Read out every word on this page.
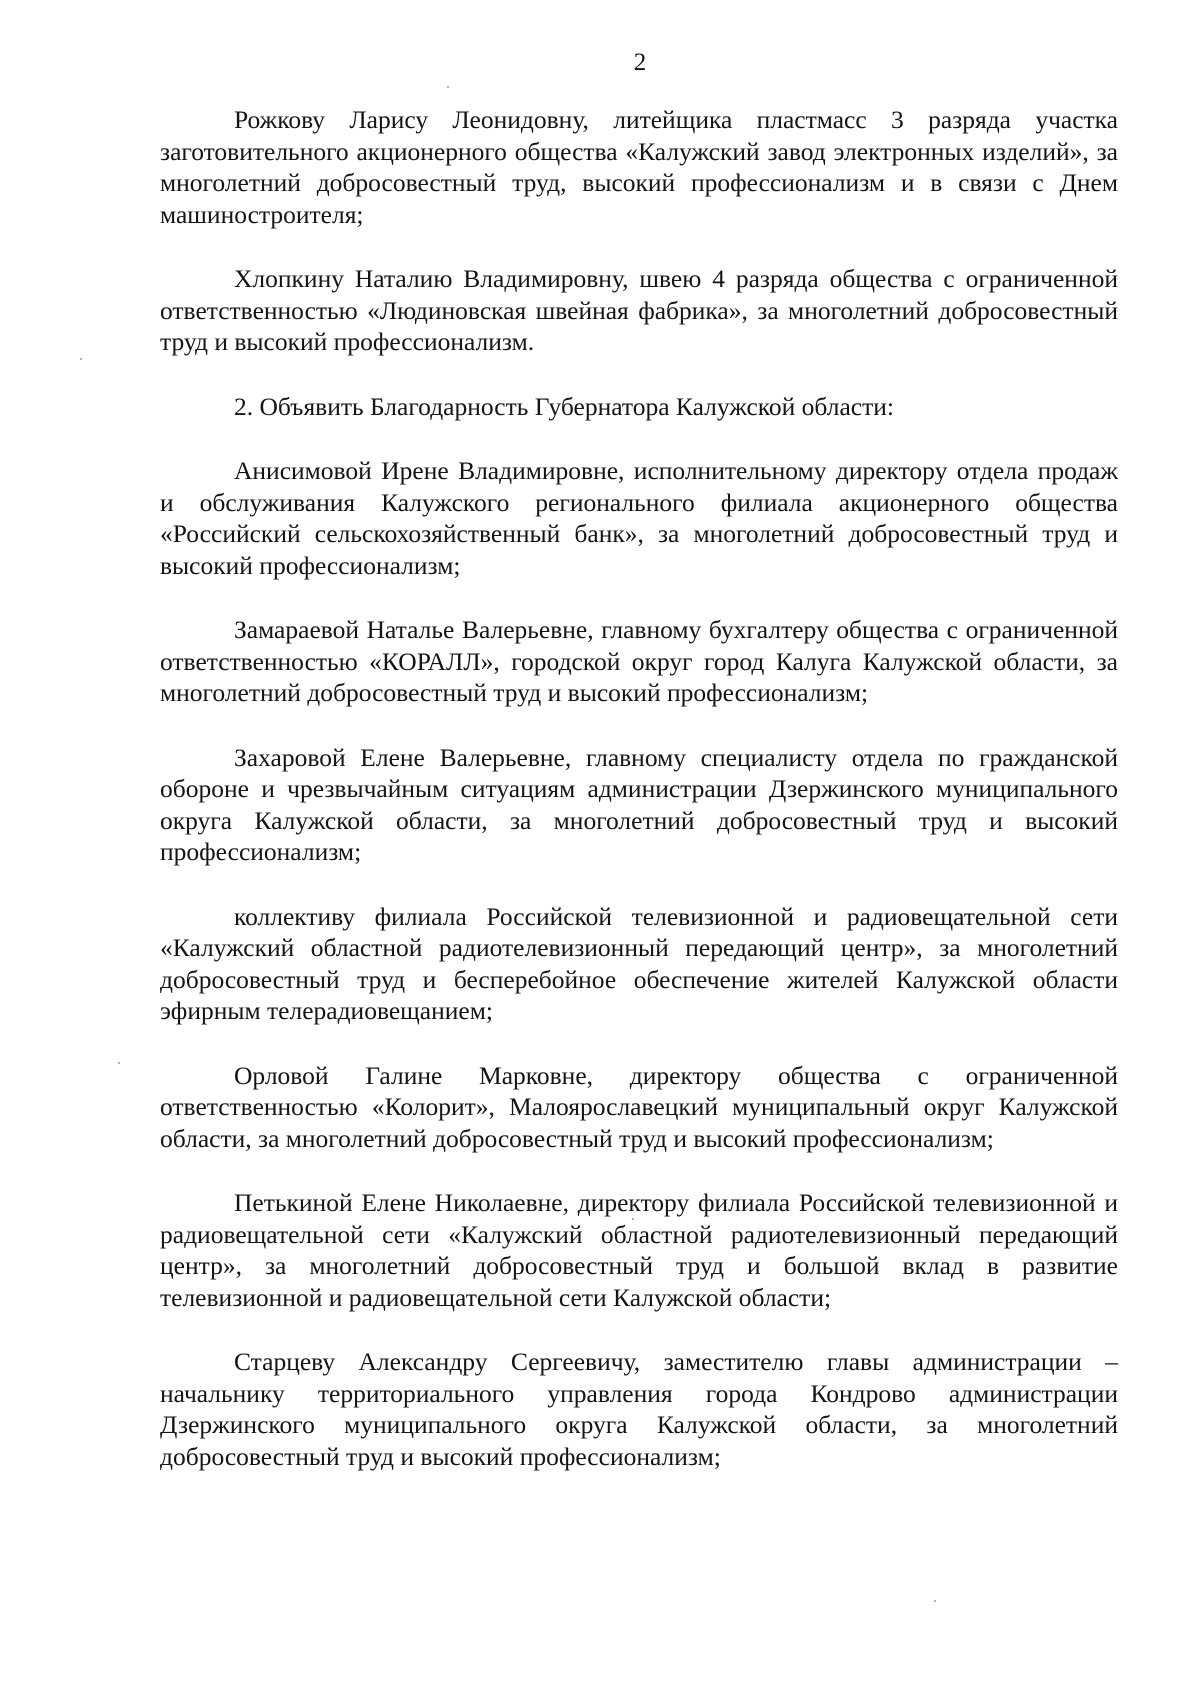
2

Рожкову Ларису Леонидовну, литейщика пластмасс 3 разряда участка заготовительного акционерного общества «Калужский завод электронных изделий», за многолетний добросовестный труд, высокий профессионализм и в связи с Днем машиностроителя;

Хлопкину Наталию Владимировну, швею 4 разряда общества с ограниченной ответственностью «Людиновская швейная фабрика», за многолетний добросовестный труд и высокий профессионализм.

2. Объявить Благодарность Губернатора Калужской области:

Анисимовой Ирене Владимировне, исполнительному директору отдела продаж и обслуживания Калужского регионального филиала акционерного общества «Российский сельскохозяйственный банк», за многолетний добросовестный труд и высокий профессионализм;

Замараевой Наталье Валерьевне, главному бухгалтеру общества с ограниченной ответственностью «КОРАЛЛ», городской округ город Калуга Калужской области, за многолетний добросовестный труд и высокий профессионализм;

Захаровой Елене Валерьевне, главному специалисту отдела по гражданской обороне и чрезвычайным ситуациям администрации Дзержинского муниципального округа Калужской области, за многолетний добросовестный труд и высокий профессионализм;

коллективу филиала Российской телевизионной и радиовещательной сети «Калужский областной радиотелевизионный передающий центр», за многолетний добросовестный труд и бесперебойное обеспечение жителей Калужской области эфирным телерадиовещанием;

Орловой Галине Марковне, директору общества с ограниченной ответственностью «Колорит», Малоярославецкий муниципальный округ Калужской области, за многолетний добросовестный труд и высокий профессионализм;

Петькиной Елене Николаевне, директору филиала Российской телевизионной и радиовещательной сети «Калужский областной радиотелевизионный передающий центр», за многолетний добросовестный труд и большой вклад в развитие телевизионной и радиовещательной сети Калужской области;

Старцеву Александру Сергеевичу, заместителю главы администрации – начальнику территориального управления города Кондрово администрации Дзержинского муниципального округа Калужской области, за многолетний добросовестный труд и высокий профессионализм;
